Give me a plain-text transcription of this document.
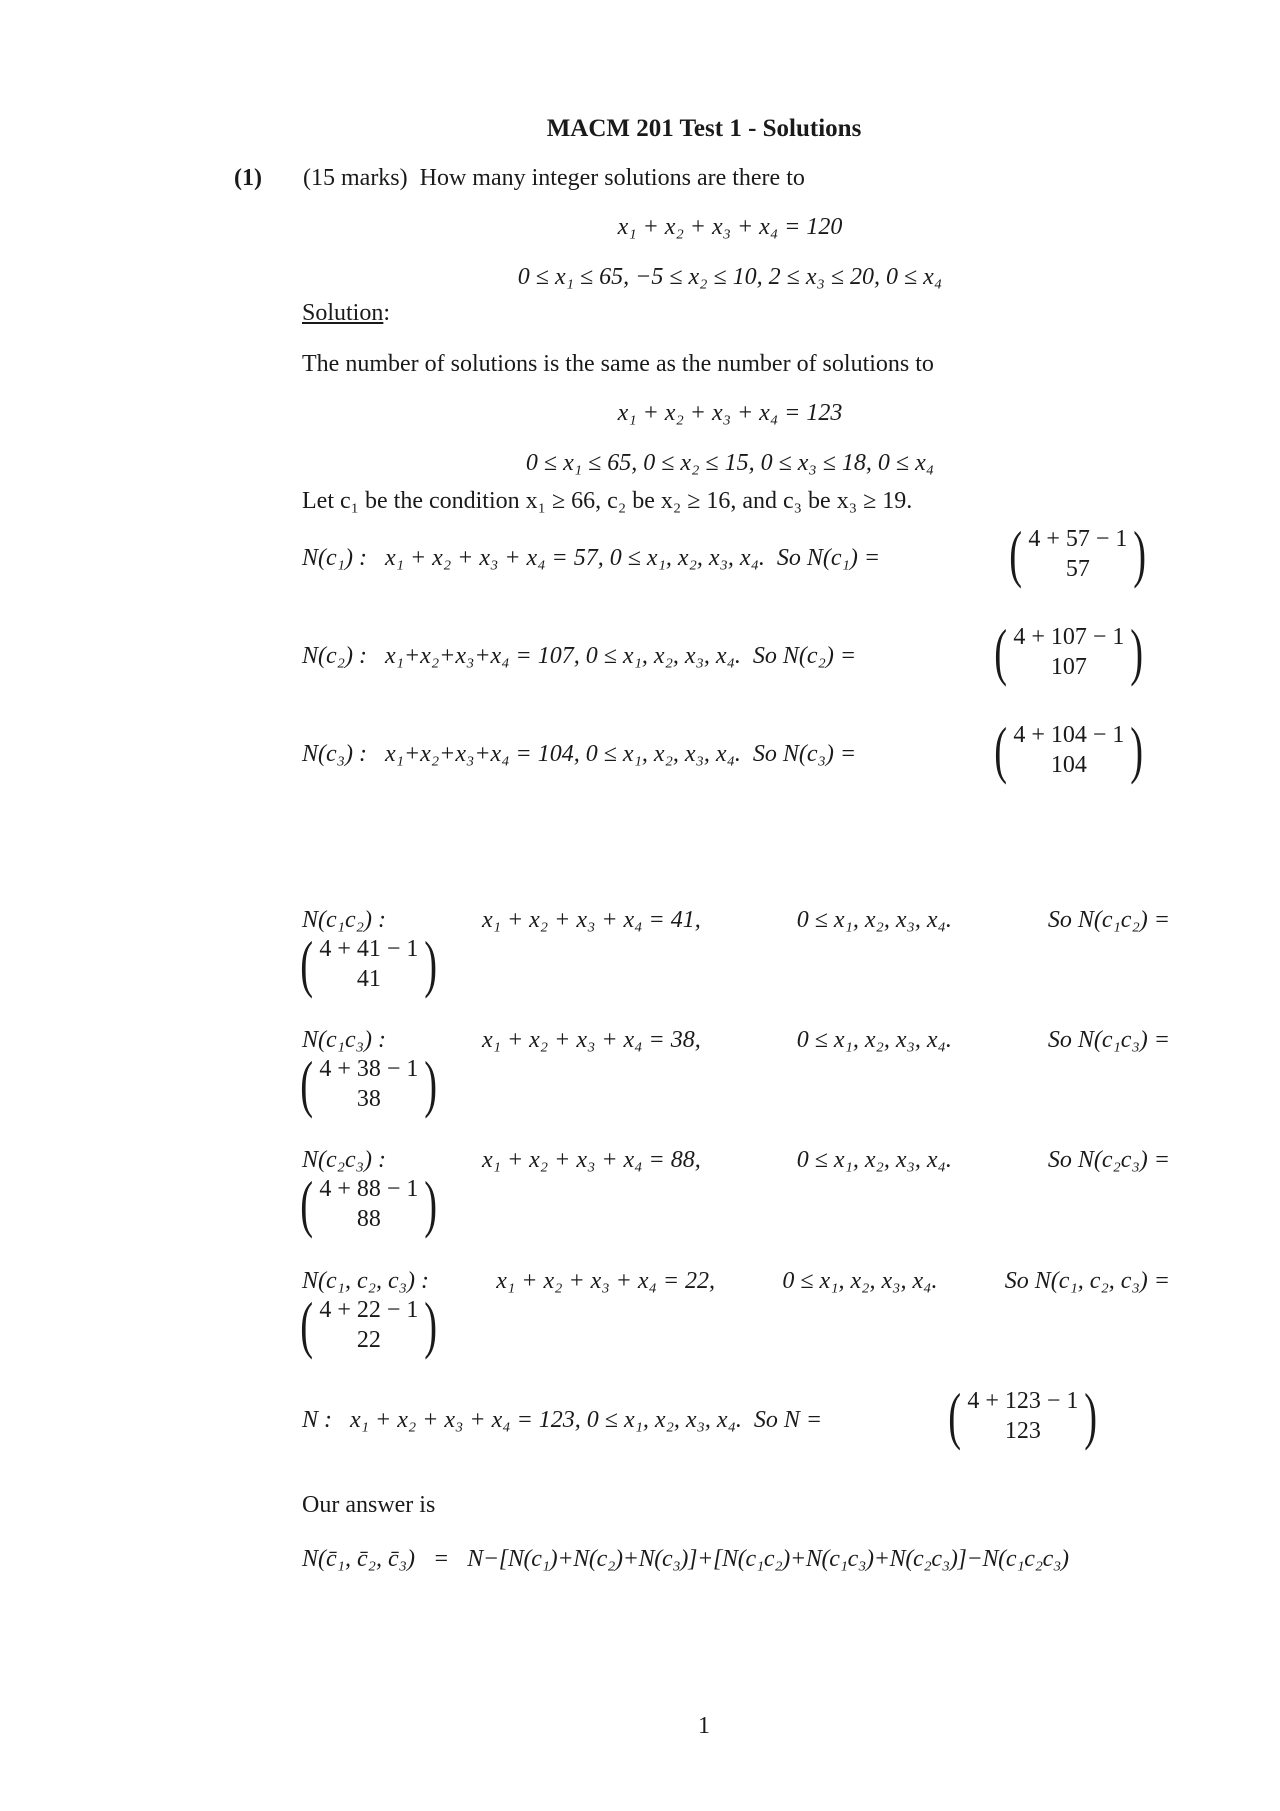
MACM 201 Test 1 - Solutions
(1) (15 marks) How many integer solutions are there to
x₁ + x₂ + x₃ + x₄ = 120
0 ≤ x₁ ≤ 65, −5 ≤ x₂ ≤ 10, 2 ≤ x₃ ≤ 20, 0 ≤ x₄
Solution:
The number of solutions is the same as the number of solutions to
x₁ + x₂ + x₃ + x₄ = 123
0 ≤ x₁ ≤ 65, 0 ≤ x₂ ≤ 15, 0 ≤ x₃ ≤ 18, 0 ≤ x₄
Let c₁ be the condition x₁ ≥ 66, c₂ be x₂ ≥ 16, and c₃ be x₃ ≥ 19.
N(c₁) : x₁ + x₂ + x₃ + x₄ = 57, 0 ≤ x₁, x₂, x₃, x₄. So N(c₁) = ( 4 + 57 − 1
57 )
N(c₂) : x₁+x₂+x₃+x₄ = 107, 0 ≤ x₁, x₂, x₃, x₄. So N(c₂) = ( 4 + 107 − 1
107 )
N(c₃) : x₁+x₂+x₃+x₄ = 104, 0 ≤ x₁, x₂, x₃, x₄. So N(c₃) = ( 4 + 104 − 1
104 )
N(c₁c₂) :	x₁ + x₂ + x₃ + x₄ = 41,	0 ≤ x₁, x₂, x₃, x₄.	So N(c₁c₂) =
( 4 + 41 − 1
41 )
N(c₁c₃) :	x₁ + x₂ + x₃ + x₄ = 38,	0 ≤ x₁, x₂, x₃, x₄.	So N(c₁c₃) =
( 4 + 38 − 1
38 )
N(c₂c₃) :	x₁ + x₂ + x₃ + x₄ = 88,	0 ≤ x₁, x₂, x₃, x₄.	So N(c₂c₃) =
( 4 + 88 − 1
88 )
N(c₁, c₂, c₃) :	x₁ + x₂ + x₃ + x₄ = 22,	0 ≤ x₁, x₂, x₃, x₄.	So N(c₁, c₂, c₃) =
( 4 + 22 − 1
22 )
N : x₁ + x₂ + x₃ + x₄ = 123, 0 ≤ x₁, x₂, x₃, x₄. So N = ( 4 + 123 − 1
123 )
Our answer is
N(c̄₁, c̄₂, c̄₃) = N−[N(c₁)+N(c₂)+N(c₃)]+[N(c₁c₂)+N(c₁c₃)+N(c₂c₃)]−N(c₁c₂c₃)
1
